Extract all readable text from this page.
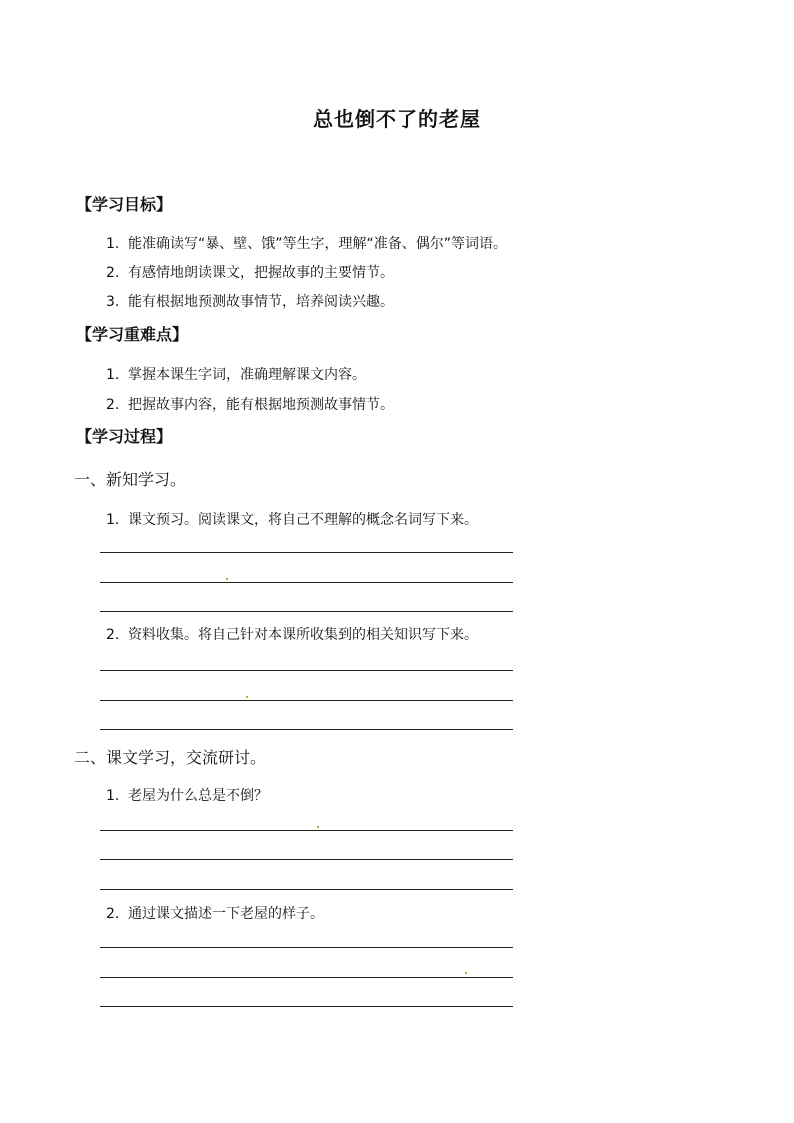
总也倒不了的老屋
【学习目标】
1. 能准确读写“暴、壁、饿”等生字，理解“准备、偶尔”等词语。
2. 有感情地朗读课文，把握故事的主要情节。
3. 能有根据地预测故事情节，培养阅读兴趣。
【学习重难点】
1. 掌握本课生字词，准确理解课文内容。
2. 把握故事内容，能有根据地预测故事情节。
【学习过程】
一、新知学习。
1. 课文预习。阅读课文，将自己不理解的概念名词写下来。
2. 资料收集。将自己针对本课所收集到的相关知识写下来。
二、课文学习，交流研讨。
1. 老屋为什么总是不倒？
2. 通过课文描述一下老屋的样子。
